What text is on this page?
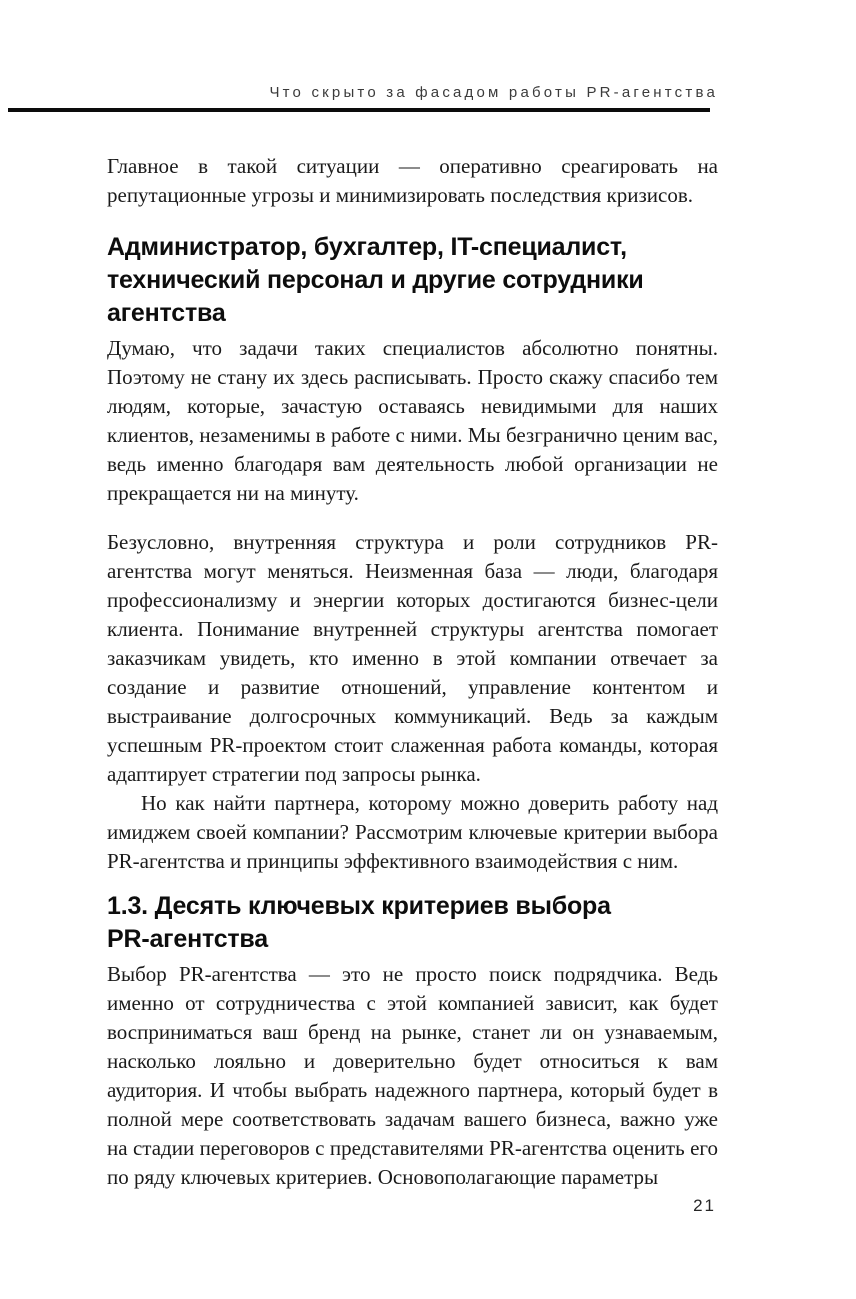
Что скрыто за фасадом работы PR-агентства

Главное в такой ситуации — оперативно среагировать на репутационные угрозы и минимизировать последствия кризисов.

Администратор, бухгалтер, IT-специалист,
технический персонал и другие сотрудники
агентства

Думаю, что задачи таких специалистов абсолютно понятны. Поэтому не стану их здесь расписывать. Просто скажу спасибо тем людям, которые, зачастую оставаясь невидимыми для наших клиентов, незаменимы в работе с ними. Мы безгранично ценим вас, ведь именно благодаря вам деятельность любой организации не прекращается ни на минуту.

Безусловно, внутренняя структура и роли сотрудников PR-агентства могут меняться. Неизменная база — люди, благодаря профессионализму и энергии которых достигаются бизнес-цели клиента. Понимание внутренней структуры агентства помогает заказчикам увидеть, кто именно в этой компании отвечает за создание и развитие отношений, управление контентом и выстраивание долгосрочных коммуникаций. Ведь за каждым успешным PR-проектом стоит слаженная работа команды, которая адаптирует стратегии под запросы рынка.

Но как найти партнера, которому можно доверить работу над имиджем своей компании? Рассмотрим ключевые критерии выбора PR-агентства и принципы эффективного взаимодействия с ним.

1.3. Десять ключевых критериев выбора
PR-агентства

Выбор PR-агентства — это не просто поиск подрядчика. Ведь именно от сотрудничества с этой компанией зависит, как будет восприниматься ваш бренд на рынке, станет ли он узнаваемым, насколько лояльно и доверительно будет относиться к вам аудитория. И чтобы выбрать надежного партнера, который будет в полной мере соответствовать задачам вашего бизнеса, важно уже на стадии переговоров с представителями PR-агентства оценить его по ряду ключевых критериев. Основополагающие параметры

21
